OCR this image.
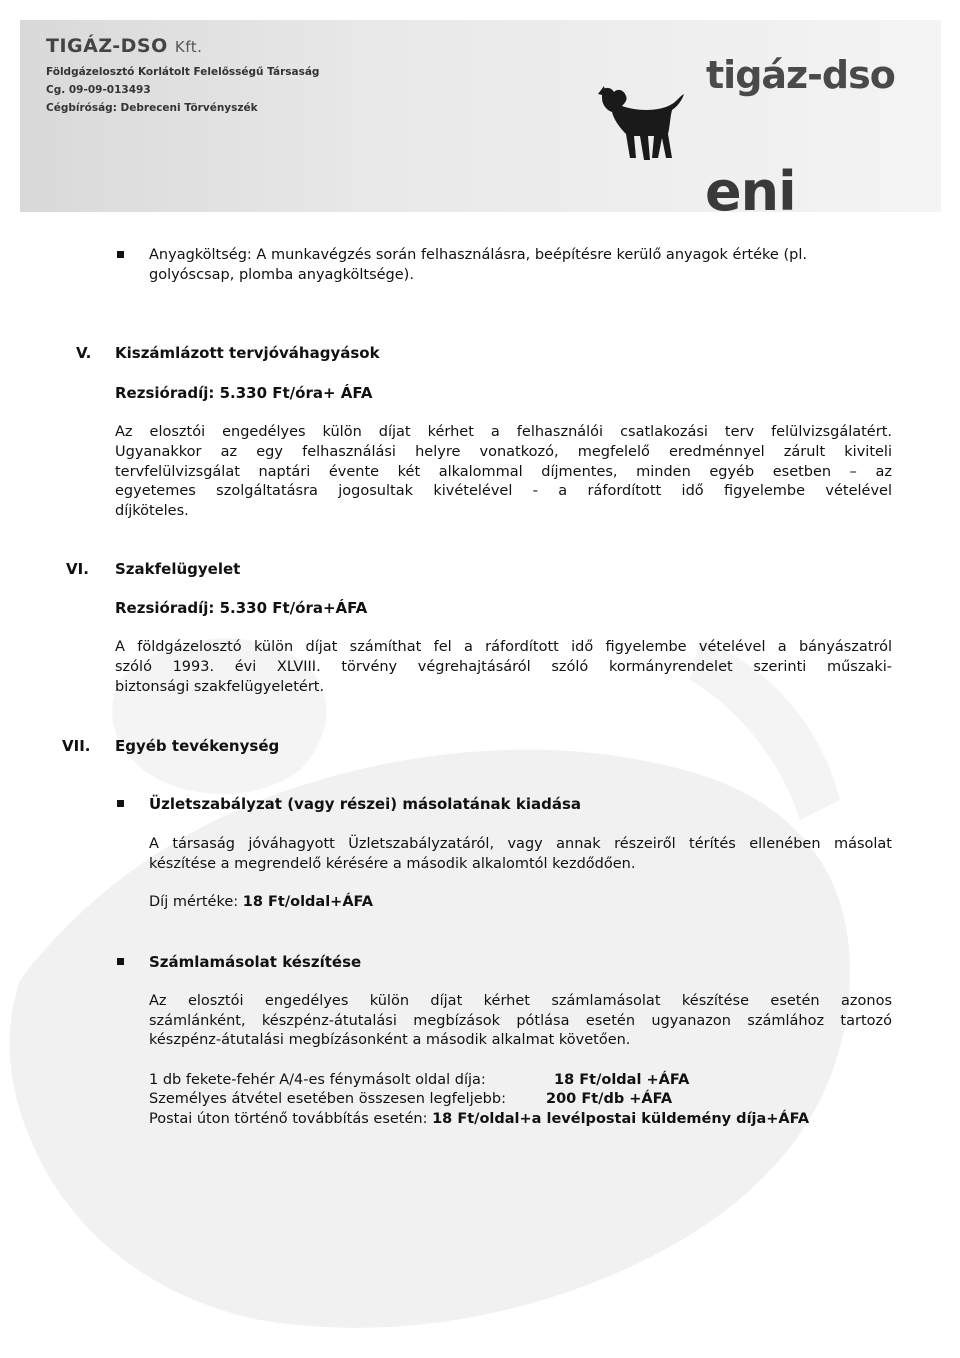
TIGÁZ-DSO Kft.
Földgázelosztó Korlátolt Felelősségű Társaság
Cg. 09-09-013493
Cégbíróság: Debreceni Törvényszék
tigáz-dso
eni
Anyagköltség: A munkavégzés során felhasználásra, beépítésre kerülő anyagok értéke (pl.
golyóscsap, plomba anyagköltsége).
V. Kiszámlázott tervjóváhagyások
Rezsióradíj: 5.330 Ft/óra+ ÁFA
Az elosztói engedélyes külön díjat kérhet a felhasználói csatlakozási terv felülvizsgálatért.
Ugyanakkor az egy felhasználási helyre vonatkozó, megfelelő eredménnyel zárult kiviteli
tervfelülvizsgálat naptári évente két alkalommal díjmentes, minden egyéb esetben – az
egyetemes szolgáltatásra jogosultak kivételével - a ráfordított idő figyelembe vételével
díjköteles.
VI. Szakfelügyelet
Rezsióradíj: 5.330 Ft/óra+ÁFA
A földgázelosztó külön díjat számíthat fel a ráfordított idő figyelembe vételével a bányászatról
szóló 1993. évi XLVIII. törvény végrehajtásáról szóló kormányrendelet szerinti műszaki-
biztonsági szakfelügyeletért.
VII. Egyéb tevékenység
Üzletszabályzat (vagy részei) másolatának kiadása
A társaság jóváhagyott Üzletszabályzatáról, vagy annak részeiről térítés ellenében másolat
készítése a megrendelő kérésére a második alkalomtól kezdődően.
Díj mértéke: 18 Ft/oldal+ÁFA
Számlamásolat készítése
Az elosztói engedélyes külön díjat kérhet számlamásolat készítése esetén azonos
számlánként, készpénz-átutalási megbízások pótlása esetén ugyanazon számlához tartozó
készpénz-átutalási megbízásonként a második alkalmat követően.
1 db fekete-fehér A/4-es fénymásolt oldal díja:	18 Ft/oldal +ÁFA
Személyes átvétel esetében összesen legfeljebb:	200 Ft/db +ÁFA
Postai úton történő továbbítás esetén: 18 Ft/oldal+a levélpostai küldemény díja+ÁFA
